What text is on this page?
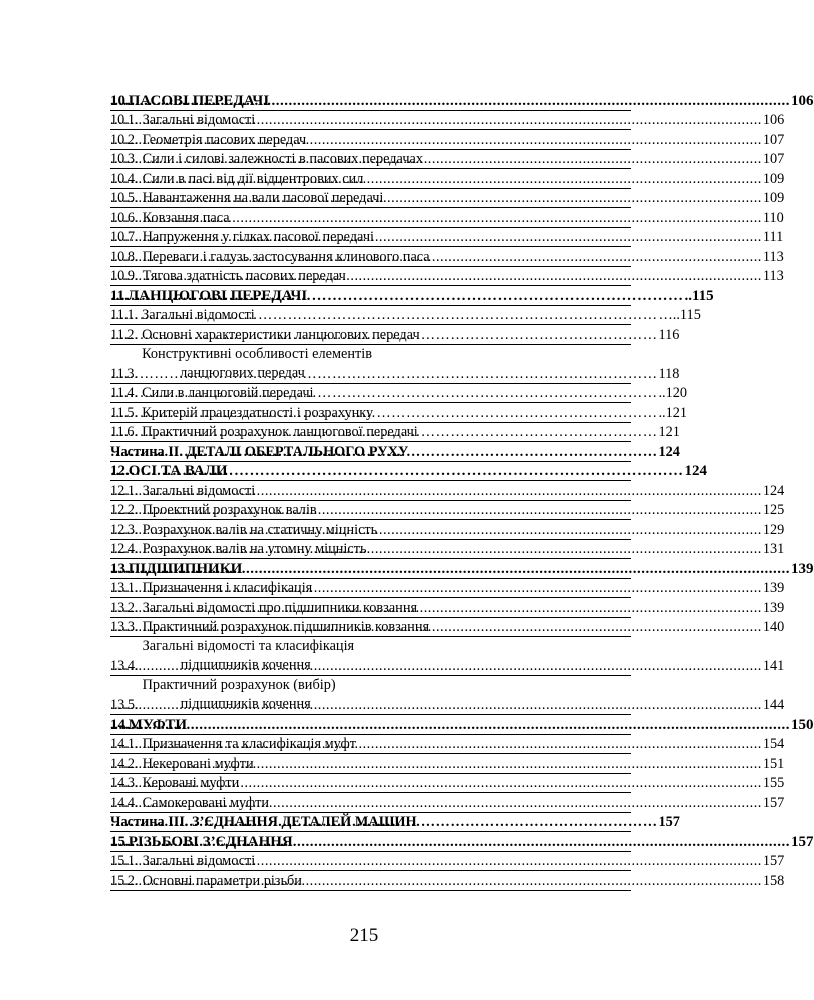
10. ПАСОВІ ПЕРЕДАЧІ .....	106
10.1. Загальні відомості .....	106
10.2. Геометрія пасових передач .....	107
10.3. Сили і силові залежності в пасових передачах .....	107
10.4. Сили в пасі від дії відцентрових сил .....	109
10.5. Навантаження на вали пасової передачі .....	109
10.6. Ковзання паса .....	110
10.7. Напруження у гілках пасової передачі .....	111
10.8. Переваги і галузь застосування клинового паса .....	113
10.9. Тягова здатність пасових передач .....	113
11. ЛАНЦЮГОВІ ПЕРЕДАЧІ …………………………………………………………………………………………………	..115
11.1. Загальні відомості …………………………………………………………………………………………………	…..115
11.2. Основні характеристики ланцюгових передач …………………………………………………………………………………………………	116
11.3.
Конструктивні особливості елементів
ланцюгових передач …………………………………………………………………………………………………	118
11.4. Сили в ланцюговій передачі …………………………………………………………………………………………………	..120
11.5. Критерій працездатності і розрахунку …………………………………………………………………………………………………	..121
11.6. Практичний розрахунок ланцюгової передачі …………………………………………………………………………………………………	121
Частина ІІ. ДЕТАЛІ ОБЕРТАЛЬНОГО РУХУ …………………………………………………………………………………………………	124
12. ОСІ ТА ВАЛИ …………………………………………………………………………………………………	124
12.1. Загальні відомості .....	124
12.2. Проектний розрахунок валів .....	125
12.3. Розрахунок валів на статичну міцність .....	129
12.4. Розрахунок валів на утомну міцність .....	131
13. ПІДШИПНИКИ .....	139
13.1. Призначення і класифікація .....	139
13.2. Загальні відомості про підшипники ковзання .....	139
13.3. Практичний розрахунок підшипників ковзання .....	140
13.4.
Загальні відомості та класифікація
підшипників кочення .....	141
13.5.
Практичний розрахунок (вибір)
підшипників кочення .....	144
14. МУФТИ .....	150
14.1. Призначення та класифікація муфт .....	154
14.2. Некеровані муфти .....	151
14.3. Керовані муфти .....	155
14.4. Самокеровані муфти .....	157
Частина ІІІ. З’ЄДНАННЯ ДЕТАЛЕЙ МАШИН …………………………………………………………………………………………………	157
15. РІЗЬБОВІ З’ЄДНАННЯ .....	157
15.1. Загальні відомості .....	157
15.2. Основні параметри різьби .....	158
215
